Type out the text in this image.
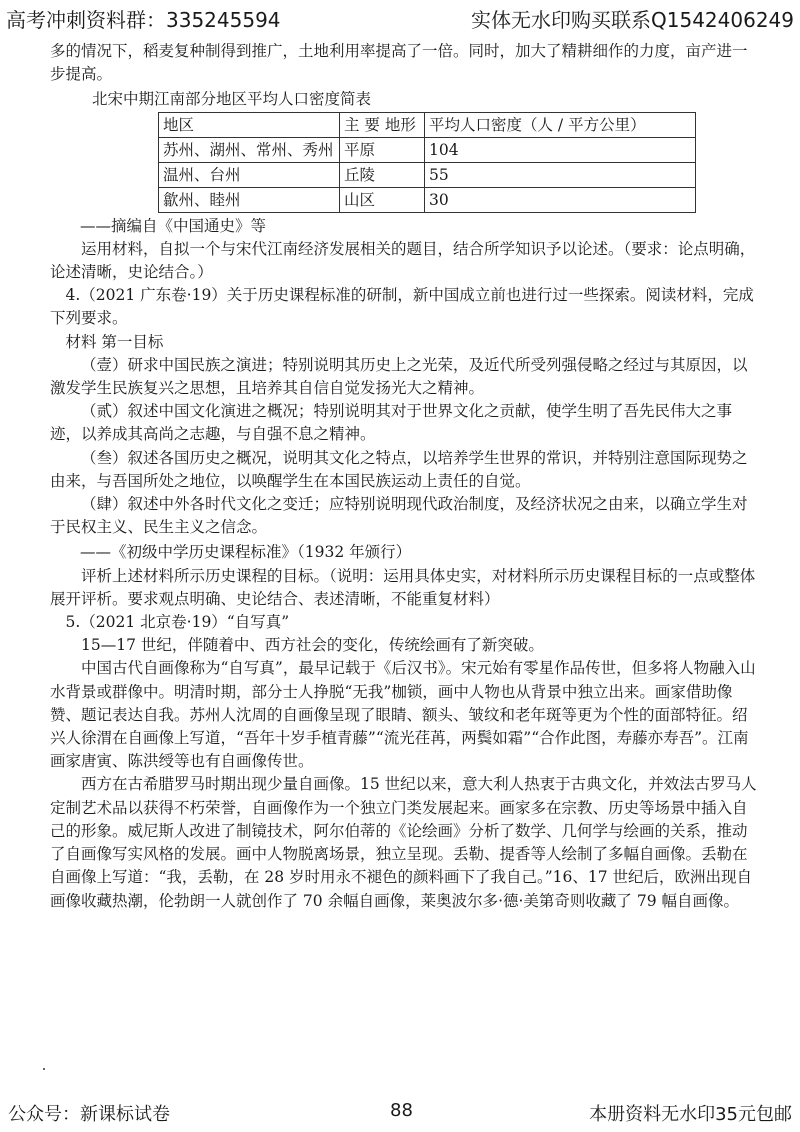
高考冲刺资料群：335245594	实体无水印购买联系Q1542406249

多的情况下，稻麦复种制得到推广，土地利用率提高了一倍。同时，加大了精耕细作的力度，亩产进一步提高。

北宋中期江南部分地区平均人口密度简表

地区	主 要 地形	平均人口密度（人 / 平方公里）
苏州、湖州、常州、秀州	平原	104
温州、台州	丘陵	55
歙州、睦州	山区	30

——摘编自《中国通史》等

运用材料，自拟一个与宋代江南经济发展相关的题目，结合所学知识予以论述。（要求：论点明确，论述清晰，史论结合。）

4.（2021 广东卷·19）关于历史课程标准的研制，新中国成立前也进行过一些探索。阅读材料，完成下列要求。

材料 第一目标

（壹）研求中国民族之演进；特别说明其历史上之光荣，及近代所受列强侵略之经过与其原因，以激发学生民族复兴之思想，且培养其自信自觉发扬光大之精神。

（贰）叙述中国文化演进之概况；特别说明其对于世界文化之贡献，使学生明了吾先民伟大之事迹，以养成其高尚之志趣，与自强不息之精神。

（叁）叙述各国历史之概况，说明其文化之特点，以培养学生世界的常识，并特别注意国际现势之由来，与吾国所处之地位，以唤醒学生在本国民族运动上责任的自觉。

（肆）叙述中外各时代文化之变迁；应特别说明现代政治制度，及经济状况之由来，以确立学生对于民权主义、民生主义之信念。

——《初级中学历史课程标准》（1932 年颁行）

评析上述材料所示历史课程的目标。（说明：运用具体史实，对材料所示历史课程目标的一点或整体展开评析。要求观点明确、史论结合、表述清晰，不能重复材料）

5.（2021 北京卷·19）“自写真”

15—17 世纪，伴随着中、西方社会的变化，传统绘画有了新突破。

中国古代自画像称为“自写真”，最早记载于《后汉书》。宋元始有零星作品传世，但多将人物融入山水背景或群像中。明清时期，部分士人挣脱“无我”枷锁，画中人物也从背景中独立出来。画家借助像赞、题记表达自我。苏州人沈周的自画像呈现了眼睛、额头、皱纹和老年斑等更为个性的面部特征。绍兴人徐渭在自画像上写道，“吾年十岁手植青藤”“流光荏苒，两鬓如霜”“合作此图，寿藤亦寿吾”。江南画家唐寅、陈洪绶等也有自画像传世。

西方在古希腊罗马时期出现少量自画像。15 世纪以来，意大利人热衷于古典文化，并效法古罗马人定制艺术品以获得不朽荣誉，自画像作为一个独立门类发展起来。画家多在宗教、历史等场景中插入自己的形象。威尼斯人改进了制镜技术，阿尔伯蒂的《论绘画》分析了数学、几何学与绘画的关系，推动了自画像写实风格的发展。画中人物脱离场景，独立呈现。丢勒、提香等人绘制了多幅自画像。丢勒在自画像上写道：“我，丢勒，在 28 岁时用永不褪色的颜料画下了我自己。”16、17 世纪后，欧洲出现自画像收藏热潮，伦勃朗一人就创作了 70 余幅自画像，莱奥波尔多·德·美第奇则收藏了 79 幅自画像。

公众号：新课标试卷	88	本册资料无水印35元包邮
